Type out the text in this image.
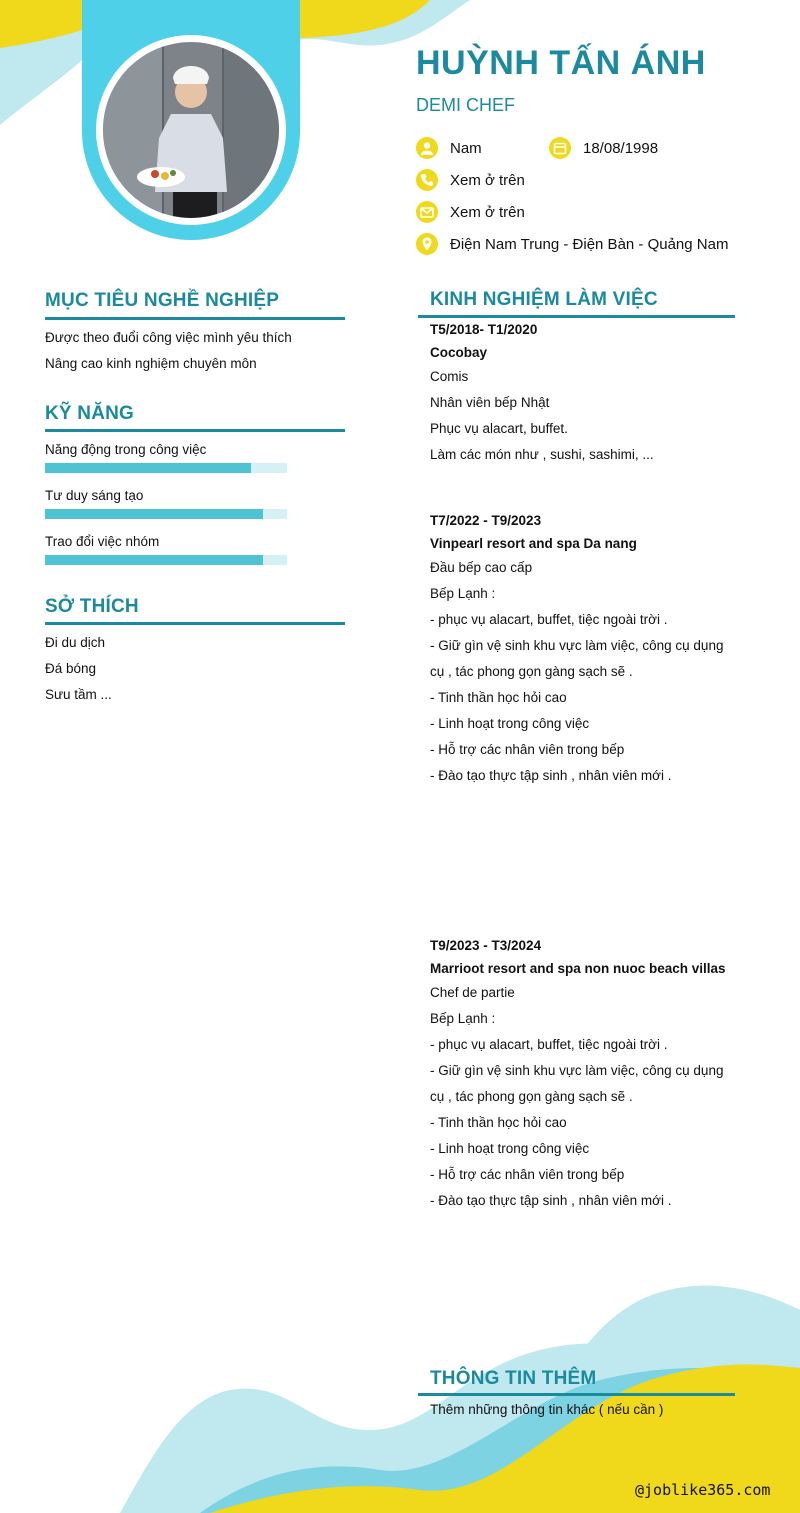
HUỲNH TẤN ÁNH
DEMI CHEF
Nam	18/08/1998
Xem ở trên
Xem ở trên
Điện Nam Trung - Điện Bàn - Quảng Nam
MỤC TIÊU NGHỀ NGHIỆP
Được theo đuổi công việc mình yêu thích
Nâng cao kinh nghiệm chuyên môn
KỸ NĂNG
Năng động trong công việc
Tư duy sáng tạo
Trao đổi việc nhóm
SỞ THÍCH
Đi du dịch
Đá bóng
Sưu tầm ...
KINH NGHIỆM LÀM VIỆC
T5/2018- T1/2020
Cocobay
Comis
Nhân viên bếp Nhật
Phục vụ alacart, buffet.
Làm các món như , sushi, sashimi, ...
T7/2022 - T9/2023
Vinpearl resort and spa Da nang
Đầu bếp cao cấp
Bếp Lạnh :
- phục vụ alacart, buffet, tiệc ngoài trời .
- Giữ gìn vệ sinh khu vực làm việc, công cụ dụng
cụ , tác phong gọn gàng sạch sẽ .
- Tinh thần học hỏi cao
- Linh hoạt trong công việc
- Hỗ trợ các nhân viên trong bếp
- Đào tạo thực tập sinh , nhân viên mới .
T9/2023 - T3/2024
Marrioot resort and spa non nuoc beach villas
Chef de partie
Bếp Lạnh :
- phục vụ alacart, buffet, tiệc ngoài trời .
- Giữ gìn vệ sinh khu vực làm việc, công cụ dụng
cụ , tác phong gọn gàng sạch sẽ .
- Tinh thần học hỏi cao
- Linh hoạt trong công việc
- Hỗ trợ các nhân viên trong bếp
- Đào tạo thực tập sinh , nhân viên mới .
THÔNG TIN THÊM
Thêm những thông tin khác ( nếu cần )
@joblike365.com
